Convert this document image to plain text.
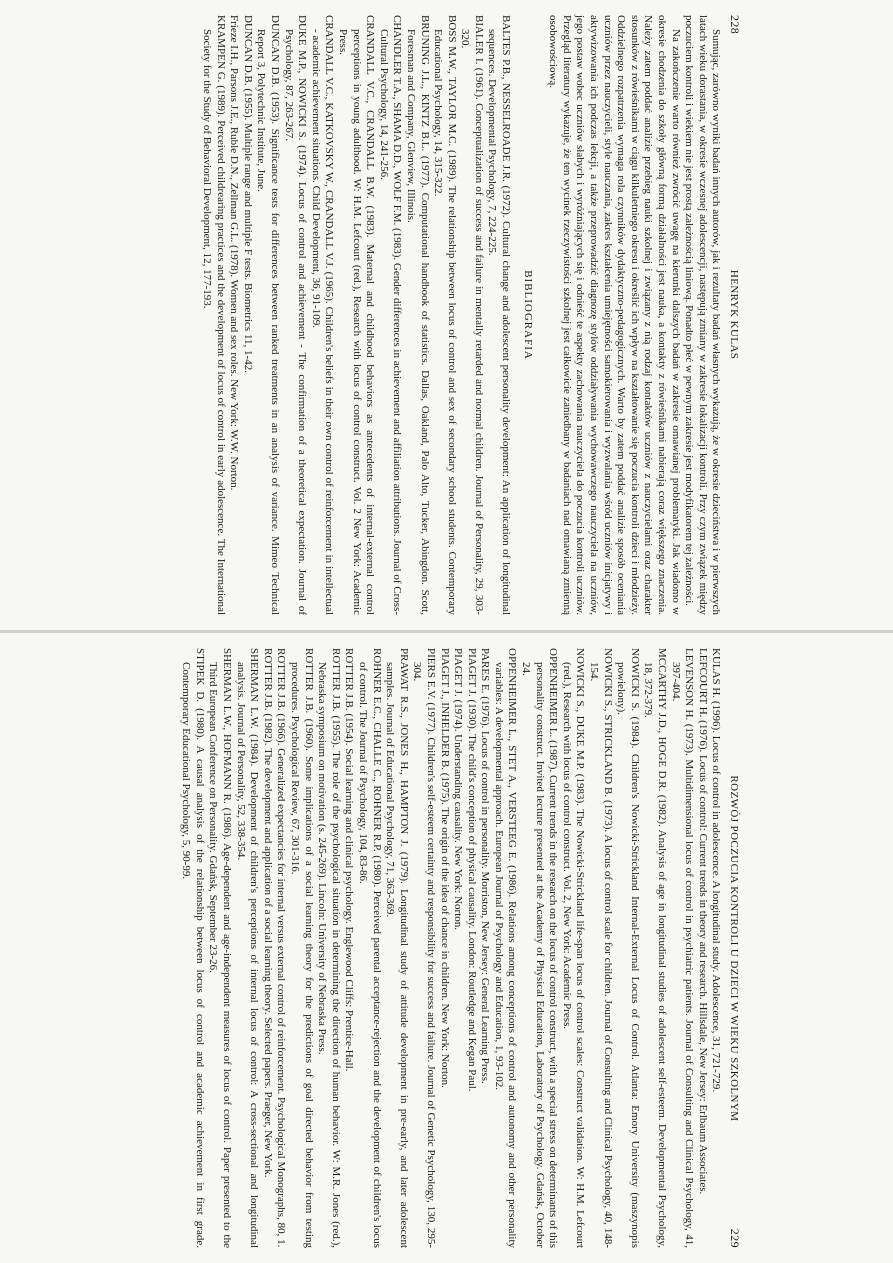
228
HENRYK KULAS

Sumując, zarówno wyniki badań innych autorów, jak i rezultaty badań własnych wykazują, że w okresie dzieciństwa i w pierwszych latach wieku dorastania, w okresie wczesnej adolescencji, następują zmiany w zakresie lokalizacji kontroli. Przy czym związek między poczuciem kontroli i wiekiem nie jest prostą zależnością liniową. Ponadto płeć w pewnym zakresie jest modyfikatorem tej zależności.

Na zakończenie warto również zwrócić uwagę na kierunki dalszych badań w zakresie omawianej problematyki. Jak wiadomo w okresie chodzenia do szkoły główną formą działalności jest nauka, a kontakty z rówieśnikami nabierają coraz większego znaczenia. Należy zatem poddać analizie przebieg nauki szkolnej i związany z nią rodzaj kontaktów uczniów z nauczycielami oraz charakter stosunków z rówieśnikami w ciągu kilkuletniego okresu i określić ich wpływ na kształtowanie się poczucia kontroli dzieci i młodzieży. Oddzielnego rozpatrzenia wymaga rola czynników dydaktyczno-pedagogicznych. Warto by zatem poddać analizie sposób oceniania uczniów przez nauczycieli, style nauczania, zakres kształcenia umiejętności samokierowania i wyzwalania wśród uczniów inicjatywy i aktywizowania ich podczas lekcji, a także przeprowadzić diagnozę stylów oddziaływania wychowawczego nauczyciela na uczniów, jego postaw wobec uczniów słabych i wyróżniających się i odnieść te aspekty zachowania nauczyciela do poczucia kontroli uczniów. Przegląd literatury wykazuje, że ten wycinek rzeczywistości szkolnej jest całkowicie zaniedbany w badaniach nad omawianą zmienną osobowościową.

BIBLIOGRAFIA

BALTES P.B., NESSELROADE J.R. (1972). Cultural change and adolescent personality development: An application of longitudinal sequences. Developmental Psychology, 7, 224-225.

BIALER I. (1961). Conceptualization of success and failure in mentally retarded and normal children. Journal of Personality, 29, 303-320.

BOSS M.W., TAYLOR M.C. (1989). The relationship between locus of control and sex of secondary school students. Contemporary Educational Psychology, 14, 315-322.

BRUNING J.L., KINTZ B.L. (1977). Computational handbook of statistics. Dallas, Oakland, Palo Alto, Tucker, Abingdon. Scott, Foresman and Company, Glenview, Illinois.

CHANDLER T.A., SHAMA D.D., WOLF F.M. (1983). Gender differences in achievement and affiliation attributions. Journal of Cross-Cultural Psychology, 14, 241-256.

CRANDALL V.C., CRANDALL B.W. (1983). Maternal and childhood behaviors as antecedents of internal-external control perceptions in young adulthood. W: H.M. Lefcourt (red.), Research with locus of control construct. Vol. 2 New York: Academic Press.

CRANDALL V.C., KATKOVSKY W., CRANDALL V.J. (1965). Children's beliefs in their own control of reinforcement in intellectual - academic achievement situations. Child Development, 36, 91-109.

DUKE M.P., NOWICKI S. (1974). Locus of control and achievement - The confirmation of a theoretical expectation. Journal of Psychology, 87, 263-267.

DUNCAN D.B. (1953). Significance tests for differences between ranked treatments in an analysis of variance. Mimeo Technical Report 3, Polytechnic Institute, June.

DUNCAN D.B. (1955). Multiple range and multiple F tests. Biometrics 11, 1-42.

Frieze I.H., Parsons J.E., Ruble D.N., Zellman G.L. (1978). Women and sex roles. New York: W.W. Norton.

KRAMPEN G. (1989). Perceived childrearing practices and the development of locus of control in early adolescence. The International Society for the Study of Behavioral Development, 12, 177-193.

ROZWÓJ POCZUCIA KONTROLI U DZIECI W WIEKU SZKOLNYM
229

KULAS H. (1996). Locus of control in adolescence. A longitudinal study. Adolescence, 31, 721-729.

LEFCOURT H. (1976). Locus of control: Current trends in theory and research. Hillsdale, New Jersey: Erlbaum Associates.

LEVENSON H. (1973). Multidimensional locus of control in psychiatric patients. Journal of Consulting and Clinical Psychology, 41, 397-404.

MCCARTHY J.D., HOGE D.R. (1982). Analysis of age in longitudinal studies of adolescent self-esteem. Developmental Psychology, 18, 372-379.

NOWICKI S. (1984). Children's Nowicki-Strickland Internal-External Locus of Control. Atlanta: Emory University (maszynopis powielony).

NOWICKI S., STRICKLAND B. (1973). A locus of control scale for children. Journal of Consulting and Clinical Psychology, 40, 148-154.

NOWICKI S., DUKE M.P. (1983). The Nowicki-Strickland life-span locus of control scales: Construct validation. W: H.M. Lefcourt (red.), Research with locus of control construct. Vol. 2, New York: Academic Press.

OPPENHEIMER L. (1987). Current trends in the research on the locus of control construct, with a special stress on determinants of this personality construct. Invited lecture presented at the Academy of Physical Education, Laboratory of Psychology. Gdańsk, October 24.

OPPENHEIMER L., STET A., VERSTEEG E. (1986). Relations among conceptions of control and autonomy and other personality variables: A developmental approach. European Journal of Psychology and Education, 1, 93-102.

PARES E. (1976). Locus of control in personality. Morriston, New Jersey: General Learning Press.

PIAGET J. (1930). The child's conception of physical causality. London: Routledge and Kegan Paul.

PIAGET J. (1974). Understanding causality. New York: Norton.

PIAGET J., INHELDER B. (1975). The origin of the idea of chance in children. New York: Norton.

PIERS E.V. (1977). Children's self-esteem certainty and responsibility for success and failure. Journal of Genetic Psychology, 130, 295-304.

PRAWAT R.S., JONES H., HAMPTON J. (1979). Longitudinal study of attitude development in pre-early, and later adolescent samples. Journal of Educational Psychology, 71, 363-369.

ROHNER E.C., CHALLE C., ROHNER R.P. (1980). Perceived parental acceptance-rejection and the development of children's locus of control. The Journal of Psychology, 104, 83-86.

ROTTER J.B. (1954). Social learning and clinical psychology. Englewood Cliffs: Prentice-Hall.

ROTTER J.B. (1955). The role of the psychological situation in determining the direction of human behavior. W: M.R. Jones (red.), Nebraska symposium on motivation (s. 245-269). Lincoln: University of Nebraska Press.

ROTTER J.B. (1960). Some implications of a social learning theory for the predictions of goal directed behavior from testing procedures. Psychological Review, 67, 301-316.

ROTTER J.B. (1966). Generalized expectancies for internal versus external control of reinforcement. Psychological Monographs, 80, 1.

ROTTER J.B. (1982). The development and application of a social learning theory. Selected papers. Praeger, New York.

SHERMAN L.W. (1984). Development of children's perceptions of internal locus of control: A cross-sectional and longitudinal analysis. Journal of Personality, 52, 338-354.

SHERMAN L.W., HOFMANN R. (1986). Age-dependent and age-independent measures of locus of control. Paper presented to the Third European Conference on Personality. Gdańsk, September 23-26.

STIPEK D. (1980). A causal analysis of the relationship between locus of control and academic achievement in first grade. Contemporary Educational Psychology, 5, 90-99.
